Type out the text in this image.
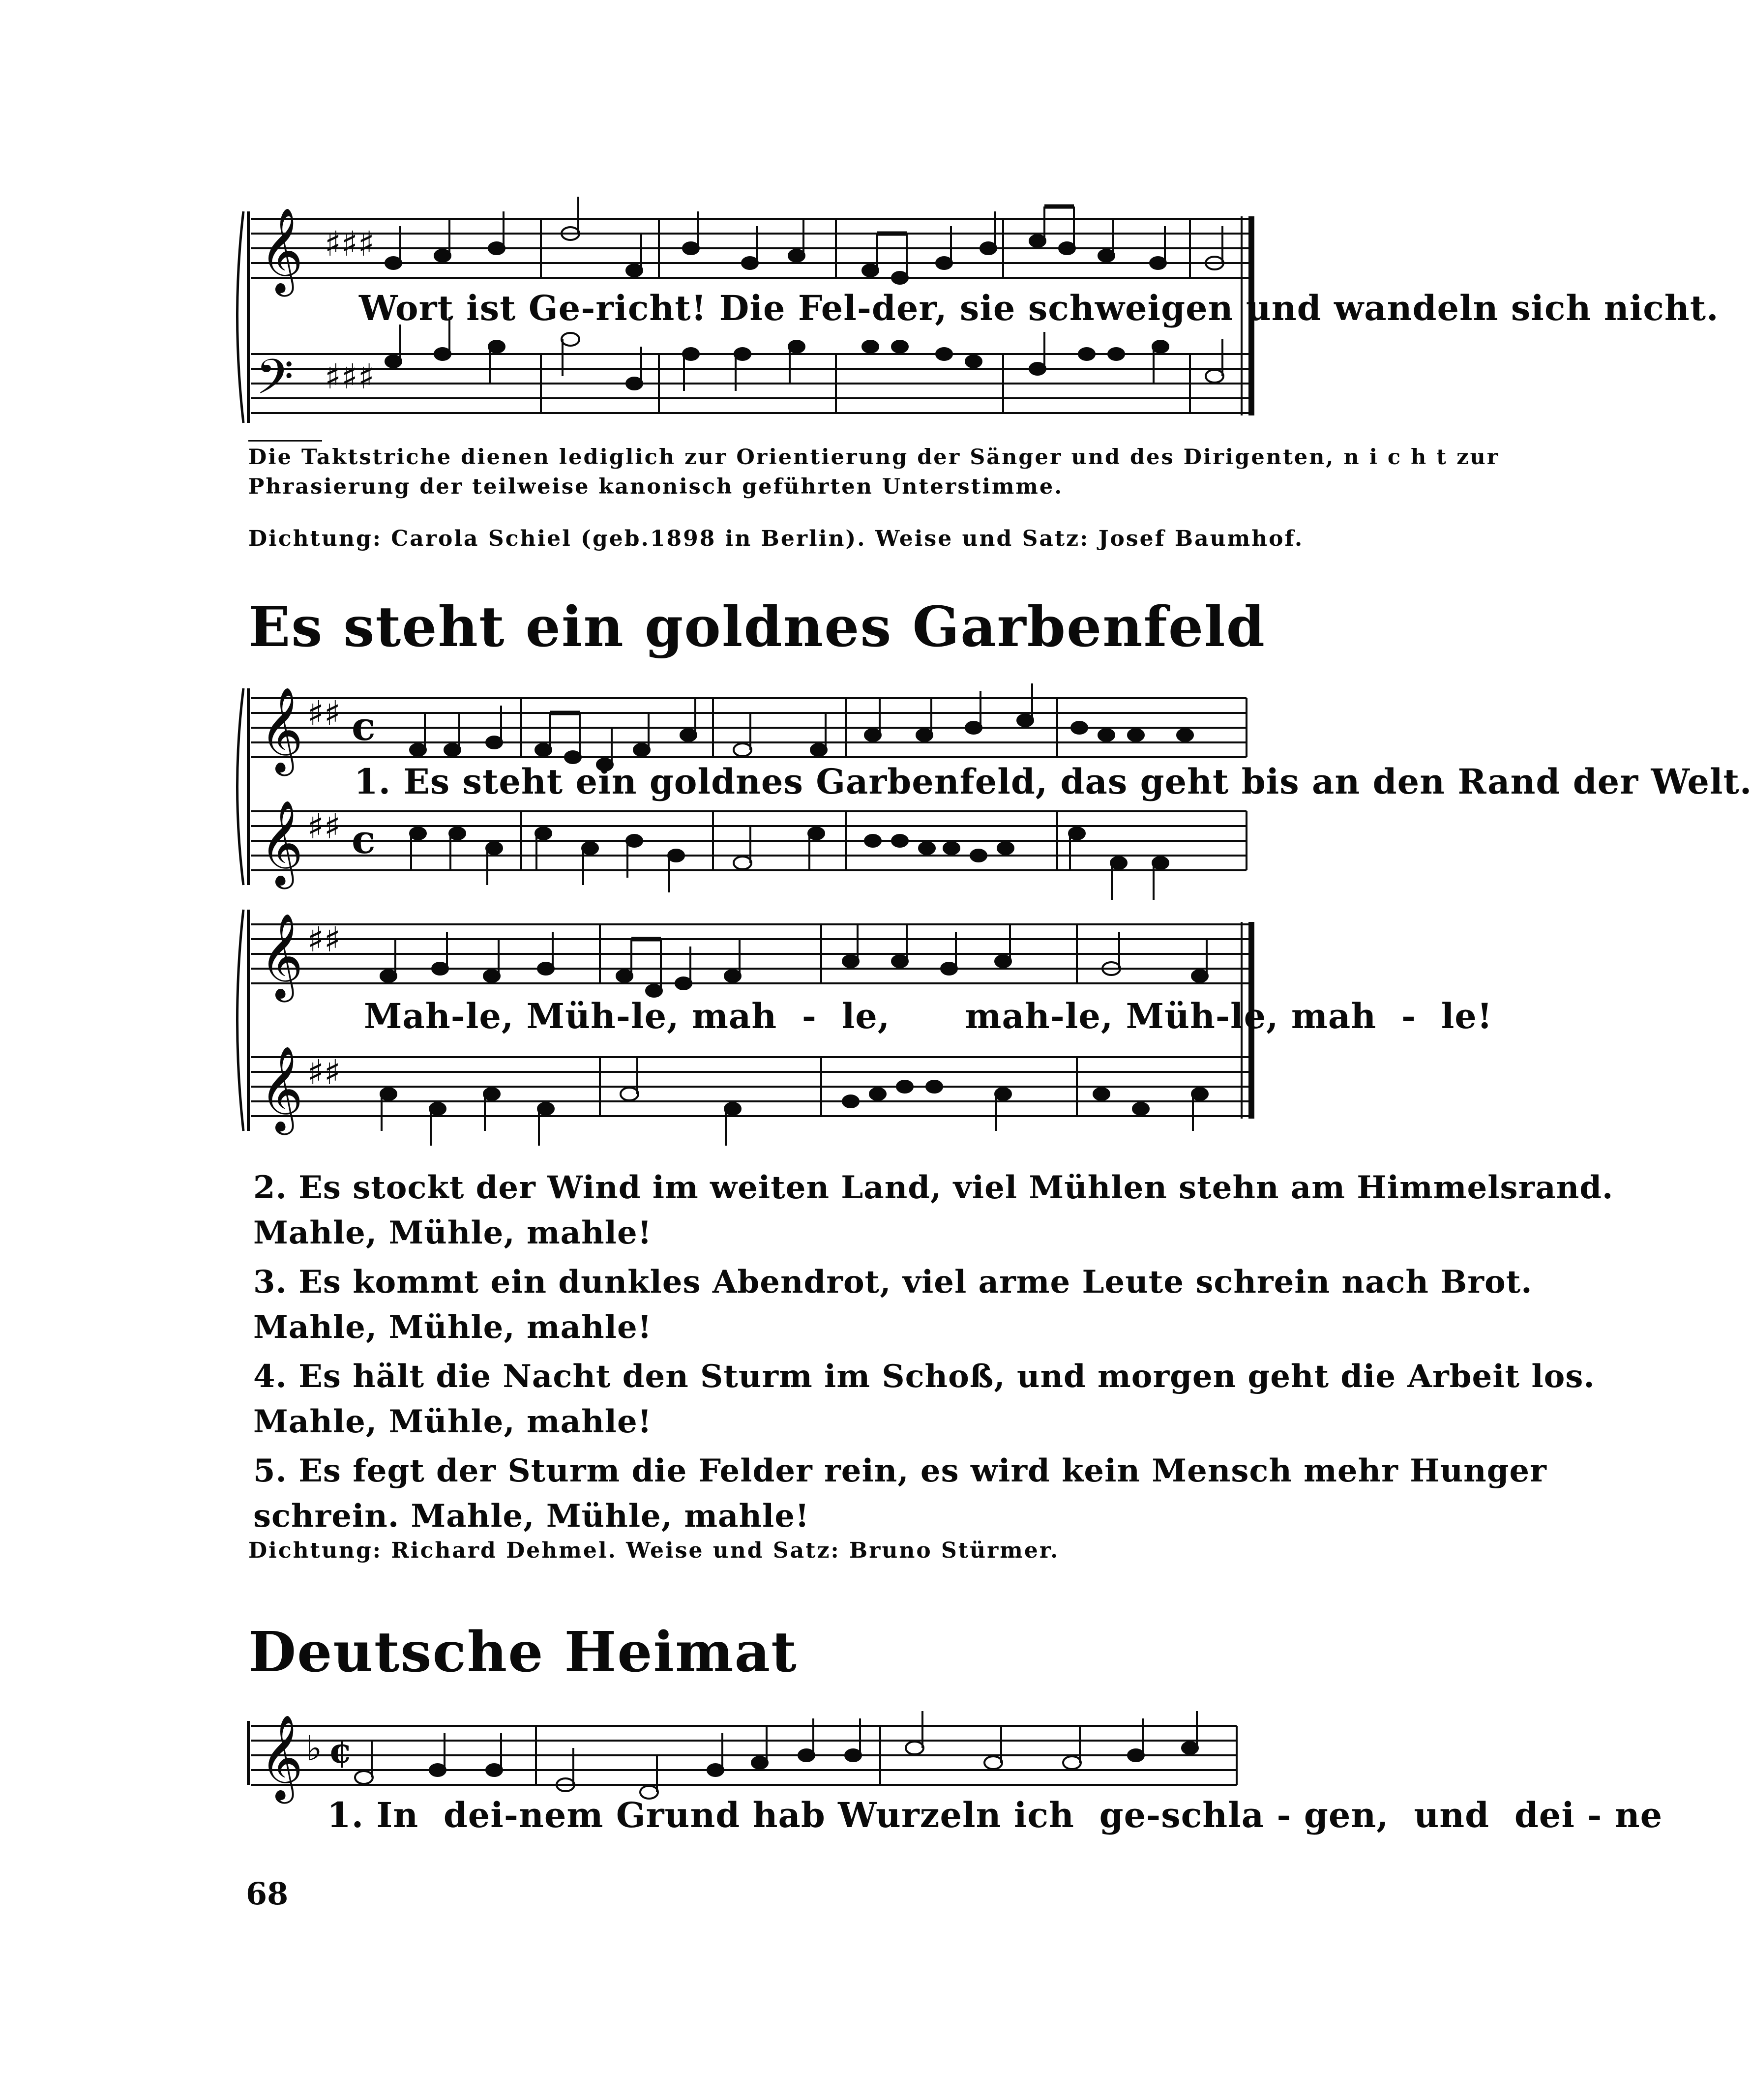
𝄞
𝄢
♯♯♯
♯♯♯
Wort ist Ge-richt! Die Fel-der, sie schweigen und wandeln sich nicht.
Die Taktstriche dienen lediglich zur Orientierung der Sänger und des Dirigenten, n i c h t zur
Phrasierung der teilweise kanonisch geführten Unterstimme.
Dichtung: Carola Schiel (geb.1898 in Berlin). Weise und Satz: Josef Baumhof.
Es steht ein goldnes Garbenfeld
𝄞
𝄞
♯♯
♯♯
c
c
1. Es steht ein goldnes Garbenfeld, das geht bis an den Rand der Welt.
𝄞
𝄞
♯♯
♯♯
Mah-le, Müh-le, mah  -  le,      mah-le, Müh-le, mah  -  le!
2. Es stockt der Wind im weiten Land, viel Mühlen stehn am Himmelsrand.
Mahle, Mühle, mahle!
3. Es kommt ein dunkles Abendrot, viel arme Leute schrein nach Brot.
Mahle, Mühle, mahle!
4. Es hält die Nacht den Sturm im Schoß, und morgen geht die Arbeit los.
Mahle, Mühle, mahle!
5. Es fegt der Sturm die Felder rein, es wird kein Mensch mehr Hunger
schrein. Mahle, Mühle, mahle!
Dichtung: Richard Dehmel. Weise und Satz: Bruno Stürmer.
Deutsche Heimat
𝄞 ♭ ¢
1. In  dei-nem Grund hab Wurzeln ich  ge-schla - gen,  und  dei - ne
68
